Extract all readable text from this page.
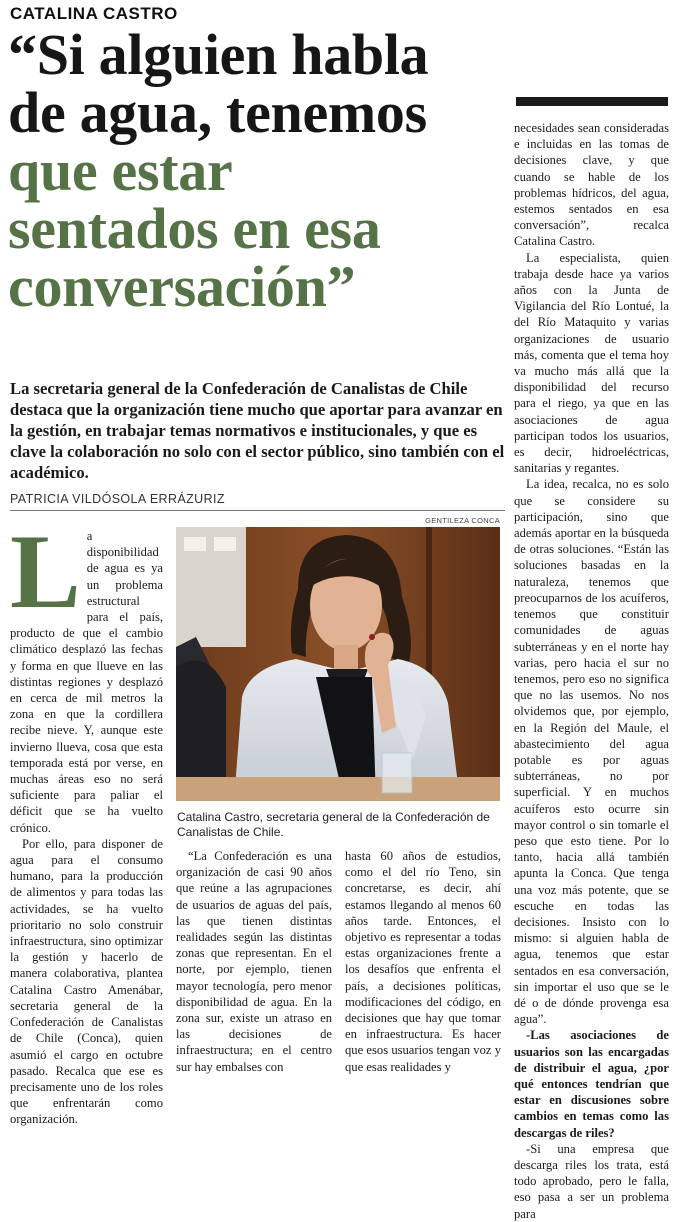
CATALINA CASTRO
“Si alguien habla
de agua, tenemos
que estar
sentados en esa
conversación”

La secretaria general de la Confederación de Canalistas de Chile destaca que la organización tiene mucho que aportar para avanzar en la gestión, en trabajar temas normativos e institucionales, y que es clave la colaboración no solo con el sector público, sino también con el académico.

PATRICIA VILDÓSOLA ERRÁZURIZ
GENTILEZA CONCA

Catalina Castro, secretaria general de la Confederación de Canalistas de Chile.

L a disponibilidad de agua es ya un problema estructural para el país, producto de que el cambio climático desplazó las fechas y forma en que llueve en las distintas regiones y desplazó en cerca de mil metros la zona en que la cordillera recibe nieve. Y, aunque este invierno llueva, cosa que esta temporada está por verse, en muchas áreas eso no será suficiente para paliar el déficit que se ha vuelto crónico.

Por ello, para disponer de agua para el consumo humano, para la producción de alimentos y para todas las actividades, se ha vuelto prioritario no solo construir infraestructura, sino optimizar la gestión y hacerlo de manera colaborativa, plantea Catalina Castro Amenábar, secretaria general de la Confederación de Canalistas de Chile (Conca), quien asumió el cargo en octubre pasado. Recalca que ese es precisamente uno de los roles que enfrentarán como organización.

“La Confederación es una organización de casi 90 años que reúne a las agrupaciones de usuarios de aguas del país, las que tienen distintas realidades según las distintas zonas que representan. En el norte, por ejemplo, tienen mayor tecnología, pero menor disponibilidad de agua. En la zona sur, existe un atraso en las decisiones de infraestructura; en el centro sur hay embalses con

hasta 60 años de estudios, como el del río Teno, sin concretarse, es decir, ahí estamos llegando al menos 60 años tarde. Entonces, el objetivo es representar a todas estas organizaciones frente a los desafíos que enfrenta el país, a decisiones políticas, modificaciones del código, en decisiones que hay que tomar en infraestructura. Es hacer que esos usuarios tengan voz y que esas realidades y

necesidades sean consideradas e incluidas en las tomas de decisiones clave, y que cuando se hable de los problemas hídricos, del agua, estemos sentados en esa conversación”, recalca Catalina Castro.

La especialista, quien trabaja desde hace ya varios años con la Junta de Vigilancia del Río Lontué, la del Río Mataquito y varias organizaciones de usuario más, comenta que el tema hoy va mucho más allá que la disponibilidad del recurso para el riego, ya que en las asociaciones de agua participan todos los usuarios, es decir, hidroeléctricas, sanitarias y regantes.

La idea, recalca, no es solo que se considere su participación, sino que además aportar en la búsqueda de otras soluciones. “Están las soluciones basadas en la naturaleza, tenemos que preocuparnos de los acuíferos, tenemos que constituir comunidades de aguas subterráneas y en el norte hay varias, pero hacia el sur no tenemos, pero eso no significa que no las usemos. No nos olvidemos que, por ejemplo, en la Región del Maule, el abastecimiento del agua potable es por aguas subterráneas, no por superficial. Y en muchos acuíferos esto ocurre sin mayor control o sin tomarle el peso que esto tiene. Por lo tanto, hacia allá también apunta la Conca. Que tenga una voz más potente, que se escuche en todas las decisiones. Insisto con lo mismo: si alguien habla de agua, tenemos que estar sentados en esa conversación, sin importar el uso que se le dé o de dónde provenga esa agua”.

-Las asociaciones de usuarios son las encargadas de distribuir el agua, ¿por qué entonces tendrían que estar en discusiones sobre cambios en temas como las descargas de riles?

-Si una empresa que descarga riles los trata, está todo aprobado, pero le falla, eso pasa a ser un problema para
